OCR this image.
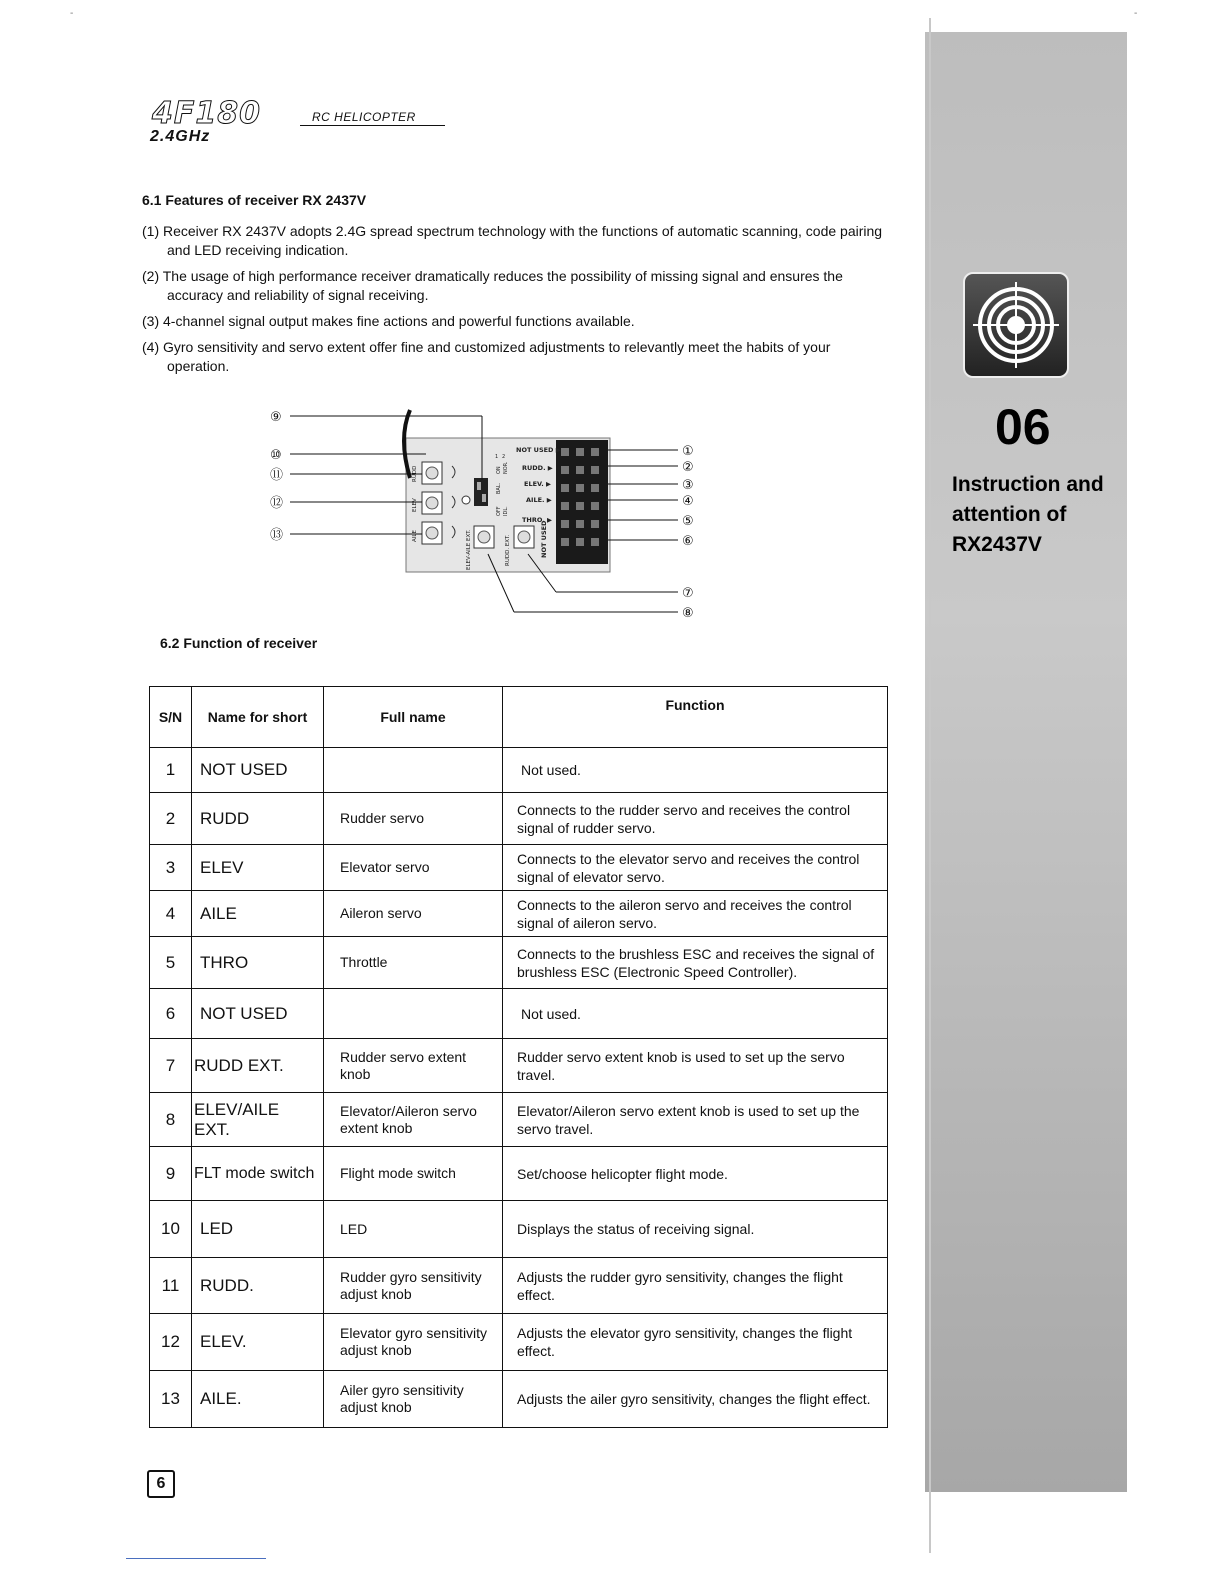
-	-
4F180
2.4GHz
RC HELICOPTER
6.1 Features of receiver RX 2437V
(1) Receiver RX 2437V adopts 2.4G spread spectrum technology with the functions of automatic scanning, code pairing and LED receiving indication.
(2) The usage of high performance receiver dramatically reduces the possibility of missing signal and ensures the accuracy and reliability of signal receiving.
(3) 4-channel signal output makes fine actions and powerful functions available.
(4) Gyro sensitivity and servo extent offer fine and customized adjustments to relevantly meet the habits of your operation.
NOT USED ▶
RUDD. ▶
ELEV. ▶
AILE. ▶
THRO. ▶
NOT USED
RUDD
ELEV
AILE
1 2
ON
OFF
NOR.
IDL.
BAL.
ELEV-AILE EXT.	RUDD. EXT.
⑨
⑩
⑪
⑫
⑬
①
②
③
④
⑤
⑥
⑦
⑧
6.2 Function of receiver
S/N	Name for short	Full name	Function
1	NOT USED		Not used.
2	RUDD	Rudder servo	Connects to the rudder servo and receives the control signal of rudder servo.
3	ELEV	Elevator servo	Connects to the elevator servo and receives the control signal of elevator servo.
4	AILE	Aileron servo	Connects to the aileron servo and receives the control signal of aileron servo.
5	THRO	Throttle	Connects to the brushless ESC and receives the signal of brushless ESC (Electronic Speed Controller).
6	NOT USED		Not used.
7	RUDD EXT.	Rudder servo extent knob	Rudder servo extent knob is used to set up the servo travel.
8	ELEV/AILE EXT.	Elevator/Aileron servo extent knob	Elevator/Aileron servo extent knob is used to set up the servo travel.
9	FLT mode switch	Flight mode switch	Set/choose helicopter flight mode.
10	LED	LED	Displays the status of receiving signal.
11	RUDD.	Rudder gyro sensitivity adjust knob	Adjusts the rudder gyro sensitivity, changes the flight effect.
12	ELEV.	Elevator gyro sensitivity adjust knob	Adjusts the elevator gyro sensitivity, changes the flight effect.
13	AILE.	Ailer gyro sensitivity adjust knob	Adjusts the ailer gyro sensitivity, changes the flight effect.
6
06
Instruction and attention of RX2437V
